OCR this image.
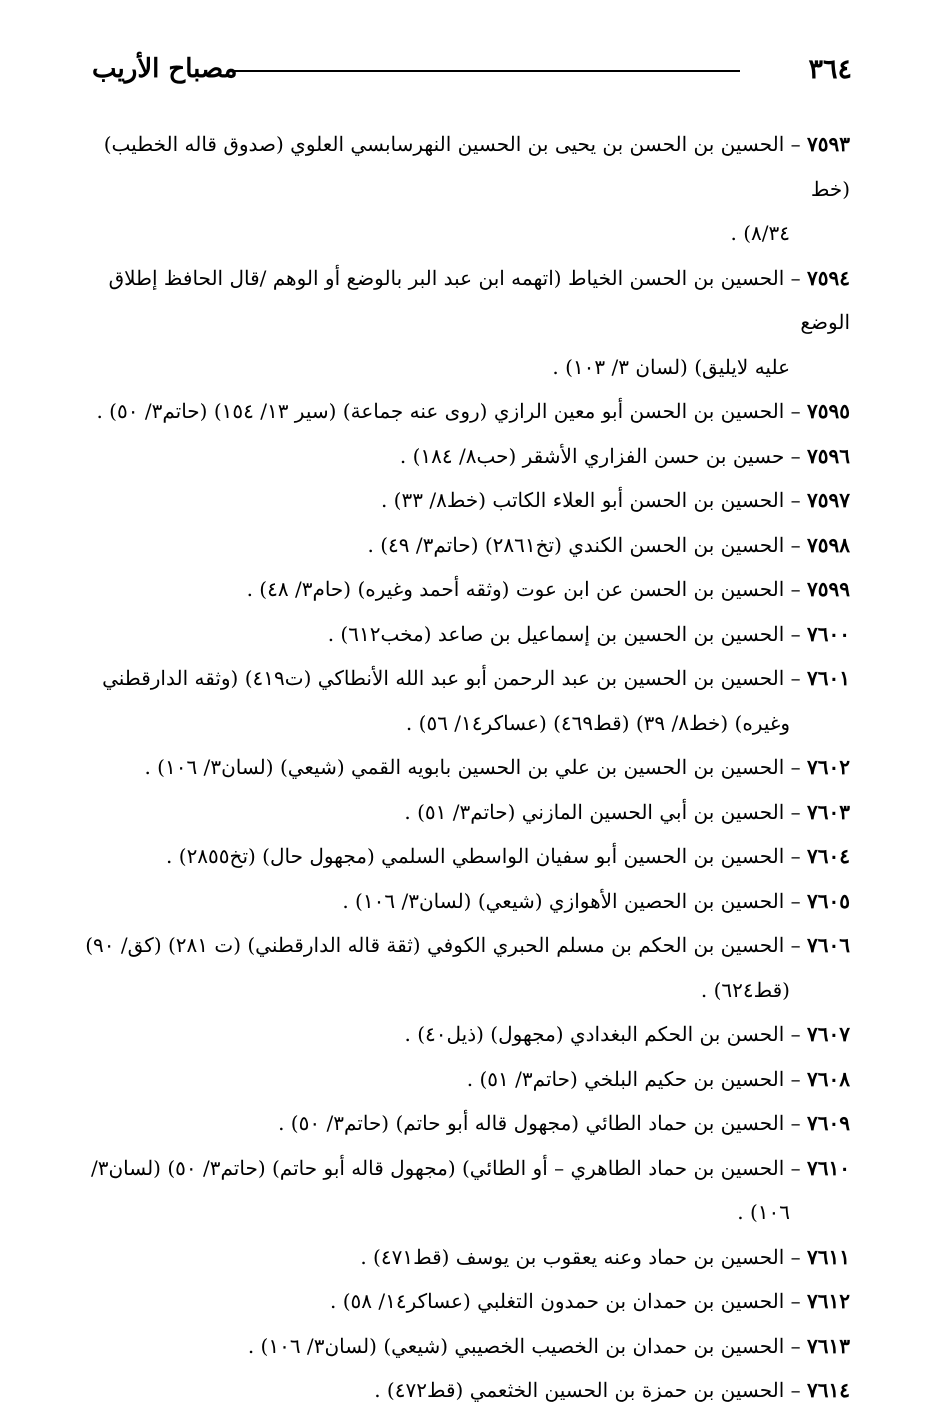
٣٦٤
مصباح الأريب

٧٥٩٣ – الحسين بن الحسن بن يحيى بن الحسين النهرسابسي العلوي (صدوق قاله الخطيب) (خط
٨/٣٤) .

٧٥٩٤ – الحسين بن الحسن الخياط (اتهمه ابن عبد البر بالوضع أو الوهم /قال الحافظ إطلاق الوضع
عليه لايليق) (لسان ٣/ ١٠٣) .

٧٥٩٥ – الحسين بن الحسن أبو معين الرازي (روى عنه جماعة) (سير ١٣/ ١٥٤) (حاتم٣/ ٥٠) .

٧٥٩٦ – حسين بن حسن الفزاري الأشقر (حب٨/ ١٨٤) .

٧٥٩٧ – الحسين بن الحسن أبو العلاء الكاتب (خط٨/ ٣٣) .

٧٥٩٨ – الحسين بن الحسن الكندي (تخ٢٨٦١) (حاتم٣/ ٤٩) .

٧٥٩٩ – الحسين بن الحسن عن ابن عوت (وثقه أحمد وغيره) (حام٣/ ٤٨) .

٧٦٠٠ – الحسين بن الحسين بن إسماعيل بن صاعد (مخب٦١٢) .

٧٦٠١ – الحسين بن الحسين بن عبد الرحمن أبو عبد الله الأنطاكي (ت٤١٩) (وثقه الدارقطني
وغيره) (خط٨/ ٣٩) (قط٤٦٩) (عساكر١٤/ ٥٦) .

٧٦٠٢ – الحسين بن الحسين بن علي بن الحسين بابويه القمي (شيعي) (لسان٣/ ١٠٦) .

٧٦٠٣ – الحسين بن أبي الحسين المازني (حاتم٣/ ٥١) .

٧٦٠٤ – الحسين بن الحسين أبو سفيان الواسطي السلمي (مجهول حال) (تخ٢٨٥٥) .

٧٦٠٥ – الحسين بن الحصين الأهوازي (شيعي) (لسان٣/ ١٠٦) .

٧٦٠٦ – الحسين بن الحكم بن مسلم الحبري الكوفي (ثقة قاله الدارقطني) (ت ٢٨١) (كق/ ٩٠)
(قط٦٢٤) .

٧٦٠٧ – الحسن بن الحكم البغدادي (مجهول) (ذيل٤٠) .

٧٦٠٨ – الحسين بن حكيم البلخي (حاتم٣/ ٥١) .

٧٦٠٩ – الحسين بن حماد الطائي (مجهول قاله أبو حاتم) (حاتم٣/ ٥٠) .

٧٦١٠ – الحسين بن حماد الطاهري – أو الطائي) (مجهول قاله أبو حاتم) (حاتم٣/ ٥٠) (لسان٣/
١٠٦) .

٧٦١١ – الحسين بن حماد وعنه يعقوب بن يوسف (قط٤٧١) .

٧٦١٢ – الحسين بن حمدان بن حمدون التغلبي (عساكر١٤/ ٥٨) .

٧٦١٣ – الحسين بن حمدان بن الخصيب الخصيبي (شيعي) (لسان٣/ ١٠٦) .

٧٦١٤ – الحسين بن حمزة بن الحسين الخثعمي (قط٤٧٢) .
